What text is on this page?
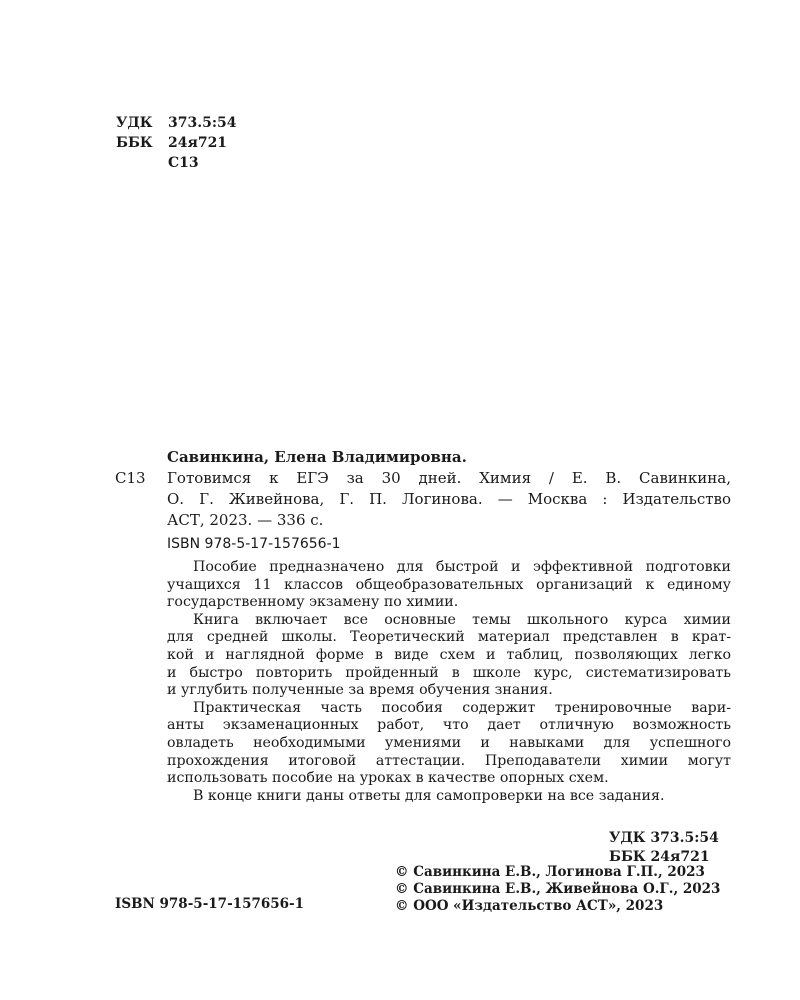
УДК	373.5:54
ББК	24я721
С13
Савинкина, Елена Владимировна.
С13	Готовимся к ЕГЭ за 30 дней. Химия / Е. В. Савинкина,
О. Г. Живейнова, Г. П. Логинова. — Москва : Издательство
АСТ, 2023. — 336 с.
ISBN 978-5-17-157656-1
Пособие предназначено для быстрой и эффективной подготовки
учащихся 11 классов общеобразовательных организаций к единому
государственному экзамену по химии.
Книга включает все основные темы школьного курса химии
для средней школы. Теоретический материал представлен в крат-
кой и наглядной форме в виде схем и таблиц, позволяющих легко
и быстро повторить пройденный в школе курс, систематизировать
и углубить полученные за время обучения знания.
Практическая часть пособия содержит тренировочные вари-
анты экзаменационных работ, что дает отличную возможность
овладеть необходимыми умениями и навыками для успешного
прохождения итоговой аттестации. Преподаватели химии могут
использовать пособие на уроках в качестве опорных схем.
В конце книги даны ответы для самопроверки на все задания.
УДК 373.5:54
ББК 24я721
© Савинкина Е.В., Логинова Г.П., 2023
© Савинкина Е.В., Живейнова О.Г., 2023
© ООО «Издательство АСТ», 2023
ISBN 978-5-17-157656-1
